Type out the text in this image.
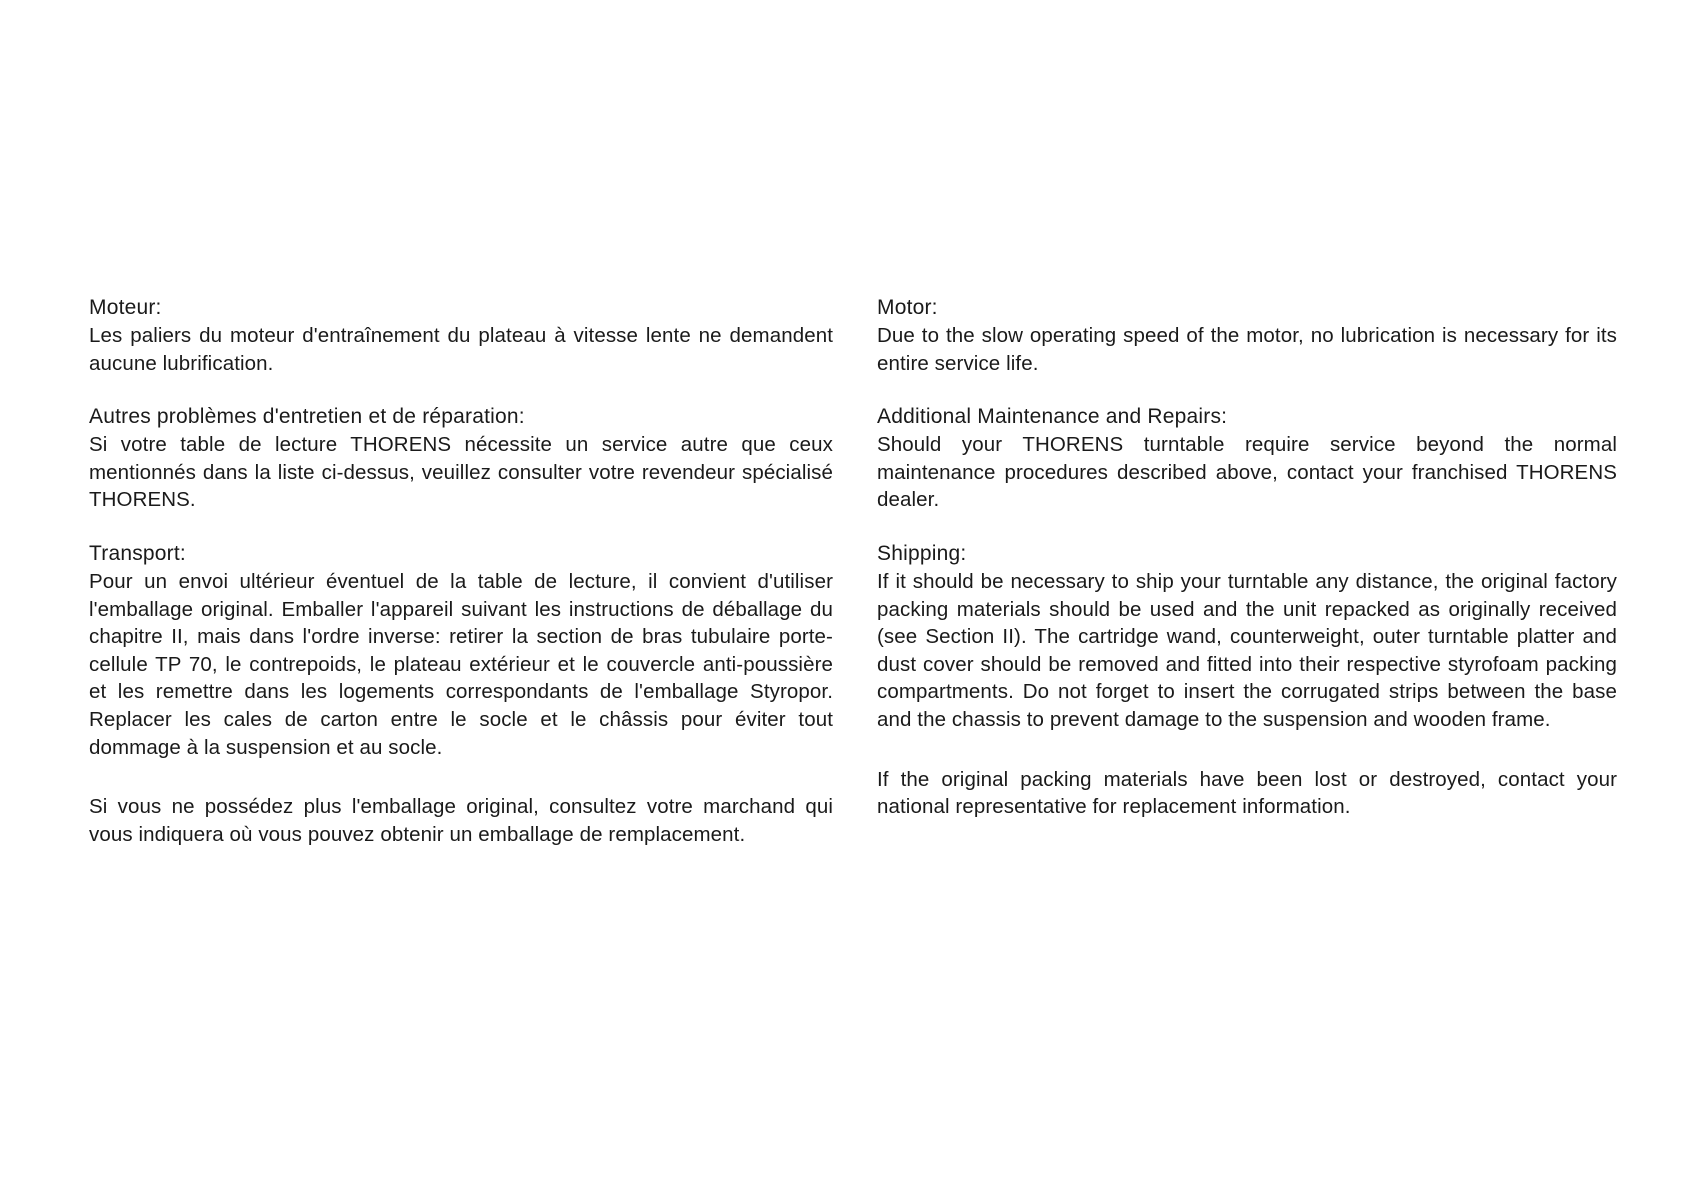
Moteur:

Les paliers du moteur d'entraînement du plateau à vitesse lente ne demandent aucune lubrification.

Autres problèmes d'entretien et de réparation:

Si votre table de lecture THORENS nécessite un service autre que ceux mentionnés dans la liste ci-dessus, veuillez consulter votre revendeur spécialisé THORENS.

Transport:

Pour un envoi ultérieur éventuel de la table de lecture, il convient d'utiliser l'emballage original. Emballer l'appareil suivant les instructions de déballage du chapitre II, mais dans l'ordre inverse: retirer la section de bras tubulaire porte-cellule TP 70, le contrepoids, le plateau extérieur et le couvercle anti-poussière et les remettre dans les logements correspondants de l'emballage Styropor. Replacer les cales de carton entre le socle et le châssis pour éviter tout dommage à la suspension et au socle.

Si vous ne possédez plus l'emballage original, consultez votre marchand qui vous indiquera où vous pouvez obtenir un emballage de remplacement.

Motor:

Due to the slow operating speed of the motor, no lubrication is necessary for its entire service life.

Additional Maintenance and Repairs:

Should your THORENS turntable require service beyond the normal maintenance procedures described above, contact your franchised THORENS dealer.

Shipping:

If it should be necessary to ship your turntable any distance, the original factory packing materials should be used and the unit repacked as originally received (see Section II). The cartridge wand, counterweight, outer turntable platter and dust cover should be removed and fitted into their respective styrofoam packing compartments. Do not forget to insert the corrugated strips between the base and the chassis to prevent damage to the suspension and wooden frame.

If the original packing materials have been lost or destroyed, contact your national representative for replacement information.
